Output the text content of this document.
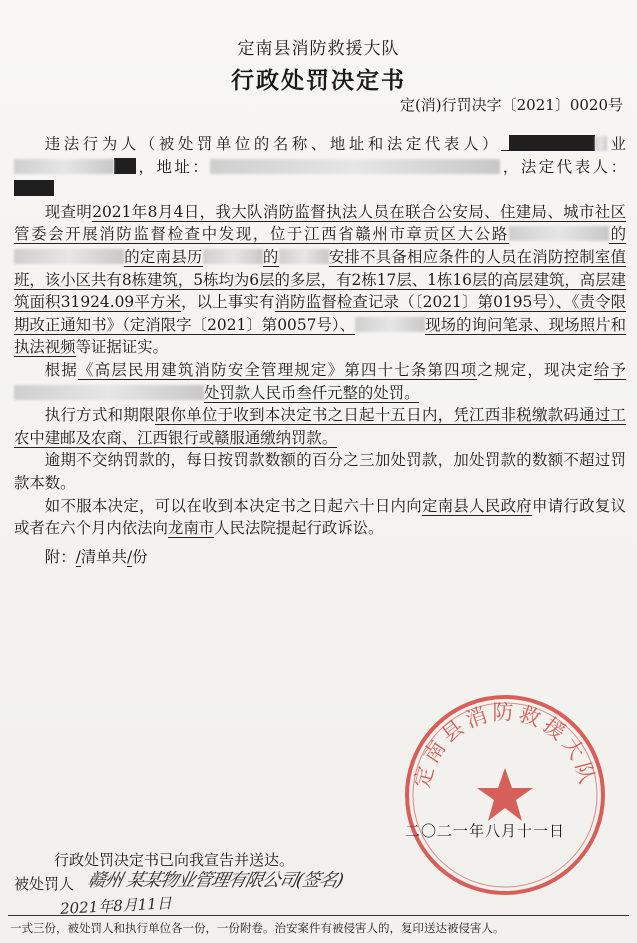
定南县消防救援大队
行政处罚决定书
定(消)行罚决字〔2021〕0020号

违法行为人（被处罚单位的名称、地址和法定代表人）	业，地址：	，法定代表人：

现查明2021年8月4日，我大队消防监督执法人员在联合公安局、住建局、城市社区管委会开展消防监督检查中发现，位于江西省赣州市章贡区大公路	的的定南县历	的	安排不具备相应条件的人员在消防控制室值班，该小区共有8栋建筑，5栋均为6层的多层，有2栋17层、1栋16层的高层建筑，高层建筑面积31924.09平方米，以上事实有消防监督检查记录（〔2021〕第0195号）、《责令限期改正通知书》（定消限字〔2021〕第0057号）、	现场的询问笔录、现场照片和执法视频等证据证实。

根据《高层民用建筑消防安全管理规定》第四十七条第四项之规定，现决定给予处罚款人民币叁仟元整的处罚。

执行方式和期限限你单位于收到本决定书之日起十五日内，凭江西非税缴款码通过工农中建邮及农商、江西银行或赣服通缴纳罚款。

逾期不交纳罚款的，每日按罚款数额的百分之三加处罚款，加处罚款的数额不超过罚款本数。

如不服本决定，可以在收到本决定书之日起六十日内向定南县人民政府申请行政复议或者在六个月内依法向龙南市人民法院提起行政诉讼。

附：/清单共/份

定南县消防救援大队
二〇二一年八月十一日
行政处罚决定书已向我宣告并送达。
被处罚人 赣州 某某物业管理有限公司(签名)
2021年8月11日
一式三份，被处罚人和执行单位各一份，一份附卷。治安案件有被侵害人的，复印送达被侵害人。
